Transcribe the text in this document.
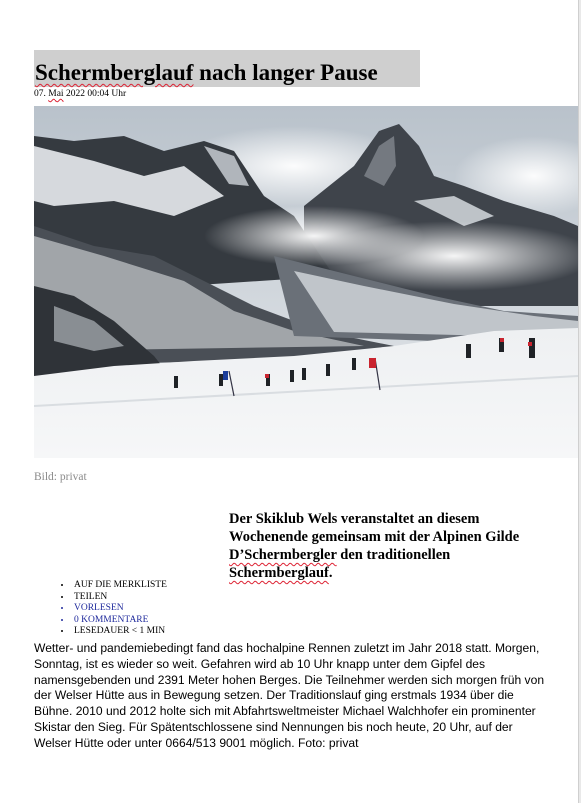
Schermberglauf nach langer Pause
07. Mai 2022 00:04 Uhr
Bild: privat

Der Skiklub Wels veranstaltet an diesem Wochenende gemeinsam mit der Alpinen Gilde D’Schermbergler den traditionellen Schermberglauf.

• AUF DIE MERKLISTE
• TEILEN
• VORLESEN
• 0 KOMMENTARE
• LESEDAUER < 1 MIN

Wetter- und pandemiebedingt fand das hochalpine Rennen zuletzt im Jahr 2018 statt. Morgen, Sonntag, ist es wieder so weit. Gefahren wird ab 10 Uhr knapp unter dem Gipfel des namensgebenden und 2391 Meter hohen Berges. Die Teilnehmer werden sich morgen früh von der Welser Hütte aus in Bewegung setzen. Der Traditionslauf ging erstmals 1934 über die Bühne. 2010 und 2012 holte sich mit Abfahrtsweltmeister Michael Walchhofer ein prominenter Skistar den Sieg. Für Spätentschlossene sind Nennungen bis noch heute, 20 Uhr, auf der Welser Hütte oder unter 0664/513 9001 möglich. Foto: privat
